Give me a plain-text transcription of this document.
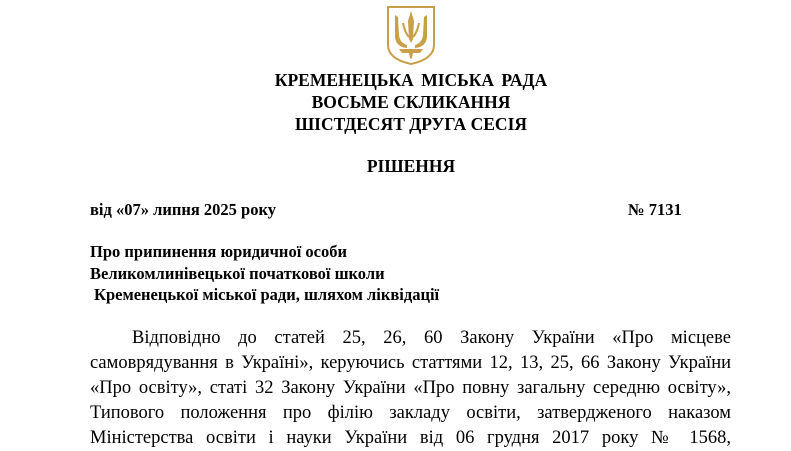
КРЕМЕНЕЦЬКА МІСЬКА РАДА
ВОСЬМЕ СКЛИКАННЯ
ШІСТДЕСЯТ ДРУГА СЕСІЯ
РІШЕННЯ
від «07» липня 2025 року	№ 7131
Про припинення юридичної особи
Великомлинівецької початкової школи
Кременецької міської ради, шляхом ліквідації
Відповідно до статей 25, 26, 60 Закону України «Про місцеве
самоврядування в Україні», керуючись статтями 12, 13, 25, 66 Закону України
«Про освіту», статі 32 Закону України «Про повну загальну середню освіту»,
Типового положення про філію закладу освіти, затвердженого наказом
Міністерства освіти і науки України від 06 грудня 2017 року № 1568,
